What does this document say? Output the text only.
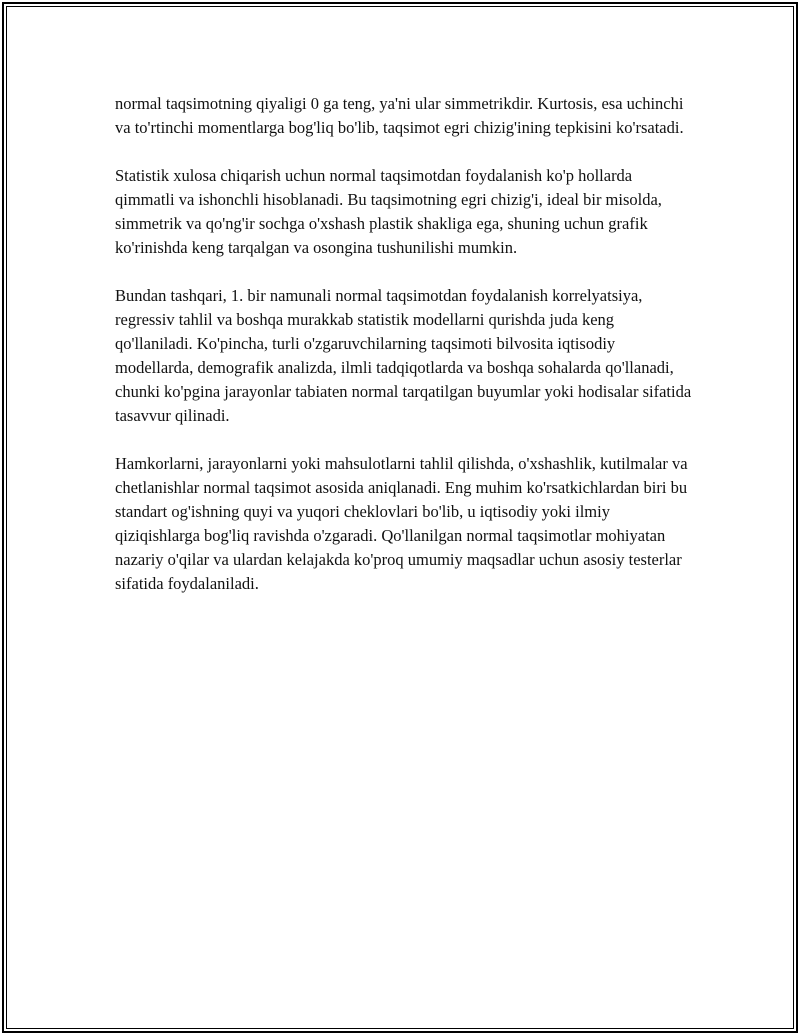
normal taqsimotning qiyaligi 0 ga teng, ya'ni ular simmetrikdir. Kurtosis, esa uchinchi va to'rtinchi momentlarga bog'liq bo'lib, taqsimot egri chizig'ining tepkisini ko'rsatadi.

Statistik xulosa chiqarish uchun normal taqsimotdan foydalanish ko'p hollarda qimmatli va ishonchli hisoblanadi. Bu taqsimotning egri chizig'i, ideal bir misolda, simmetrik va qo'ng'ir sochga o'xshash plastik shakliga ega, shuning uchun grafik ko'rinishda keng tarqalgan va osongina tushunilishi mumkin.

Bundan tashqari, 1. bir namunali normal taqsimotdan foydalanish korrelyatsiya, regressiv tahlil va boshqa murakkab statistik modellarni qurishda juda keng qo'llaniladi. Ko'pincha, turli o'zgaruvchilarning taqsimoti bilvosita iqtisodiy modellarda, demografik analizda, ilmli tadqiqotlarda va boshqa sohalarda qo'llanadi, chunki ko'pgina jarayonlar tabiaten normal tarqatilgan buyumlar yoki hodisalar sifatida tasavvur qilinadi.

Hamkorlarni, jarayonlarni yoki mahsulotlarni tahlil qilishda, o'xshashlik, kutilmalar va chetlanishlar normal taqsimot asosida aniqlanadi. Eng muhim ko'rsatkichlardan biri bu standart og'ishning quyi va yuqori cheklovlari bo'lib, u iqtisodiy yoki ilmiy qiziqishlarga bog'liq ravishda o'zgaradi. Qo'llanilgan normal taqsimotlar mohiyatan nazariy o'qilar va ulardan kelajakda ko'proq umumiy maqsadlar uchun asosiy testerlar sifatida foydalaniladi.
